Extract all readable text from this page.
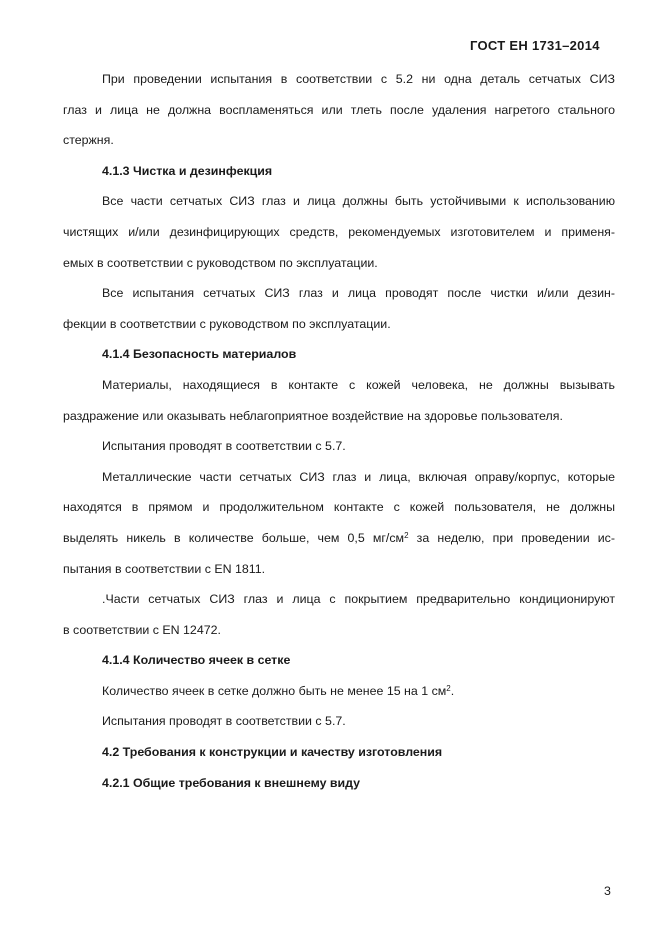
ГОСТ EH 1731–2014
При проведении испытания в соответствии с 5.2 ни одна деталь сетчатых СИЗ
глаз и лица не должна воспламеняться или тлеть после удаления нагретого стального
стержня.
4.1.3 Чистка и дезинфекция
Все части сетчатых СИЗ глаз и лица должны быть устойчивыми к использованию
чистящих и/или дезинфицирующих средств, рекомендуемых изготовителем и применя-
емых в соответствии с руководством по эксплуатации.
Все испытания сетчатых СИЗ глаз и лица проводят после чистки и/или дезин-
фекции в соответствии с руководством по эксплуатации.
4.1.4 Безопасность материалов
Материалы, находящиеся в контакте с кожей человека, не должны вызывать
раздражение или оказывать неблагоприятное воздействие на здоровье пользователя.
Испытания проводят в соответствии с 5.7.
Металлические части сетчатых СИЗ глаз и лица, включая оправу/корпус, которые
находятся в прямом и продолжительном контакте с кожей пользователя, не должны
выделять никель в количестве больше, чем 0,5 $мг/см^2$ за неделю, при проведении ис-
пытания в соответствии с EN 1811.
.Части сетчатых СИЗ глаз и лица с покрытием предварительно кондиционируют
в соответствии с EN 12472.
4.1.4 Количество ячеек в сетке
Количество ячеек в сетке должно быть не менее 15 на 1 $см^2$.
Испытания проводят в соответствии с 5.7.
4.2 Требования к конструкции и качеству изготовления
4.2.1 Общие требования к внешнему виду
3
